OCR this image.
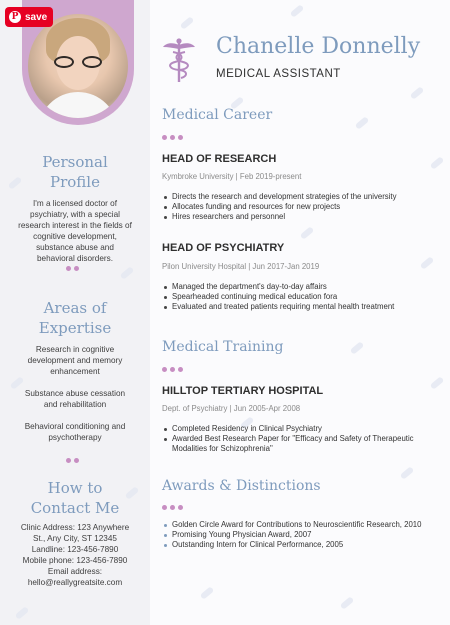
P save
Personal
Profile
I'm a licensed doctor of psychiatry, with a special research interest in the fields of cognitive development, substance abuse and behavioral disorders.
Areas of
Expertise
Research in cognitive development and memory enhancement
Substance abuse cessation and rehabilitation
Behavioral conditioning and psychotherapy
How to
Contact Me
Clinic Address: 123 Anywhere
St., Any City, ST 12345
Landline: 123-456-7890
Mobile phone: 123-456-7890
Email address:
hello@reallygreatsite.com
Chanelle Donnelly
MEDICAL ASSISTANT
Medical Career
HEAD OF RESEARCH
Kymbroke University | Feb 2019-present
Directs the research and development strategies of the university
Allocates funding and resources for new projects
Hires researchers and personnel
HEAD OF PSYCHIATRY
Pilon University Hospital | Jun 2017-Jan 2019
Managed the department's day-to-day affairs
Spearheaded continuing medical education fora
Evaluated and treated patients requiring mental health treatment
Medical Training
HILLTOP TERTIARY HOSPITAL
Dept. of Psychiatry | Jun 2005-Apr 2008
Completed Residency in Clinical Psychiatry
Awarded Best Research Paper for "Efficacy and Safety of Therapeutic Modalities for Schizophrenia"
Awards & Distinctions
Golden Circle Award for Contributions to Neuroscientific Research, 2010
Promising Young Physician Award, 2007
Outstanding Intern for Clinical Performance, 2005
